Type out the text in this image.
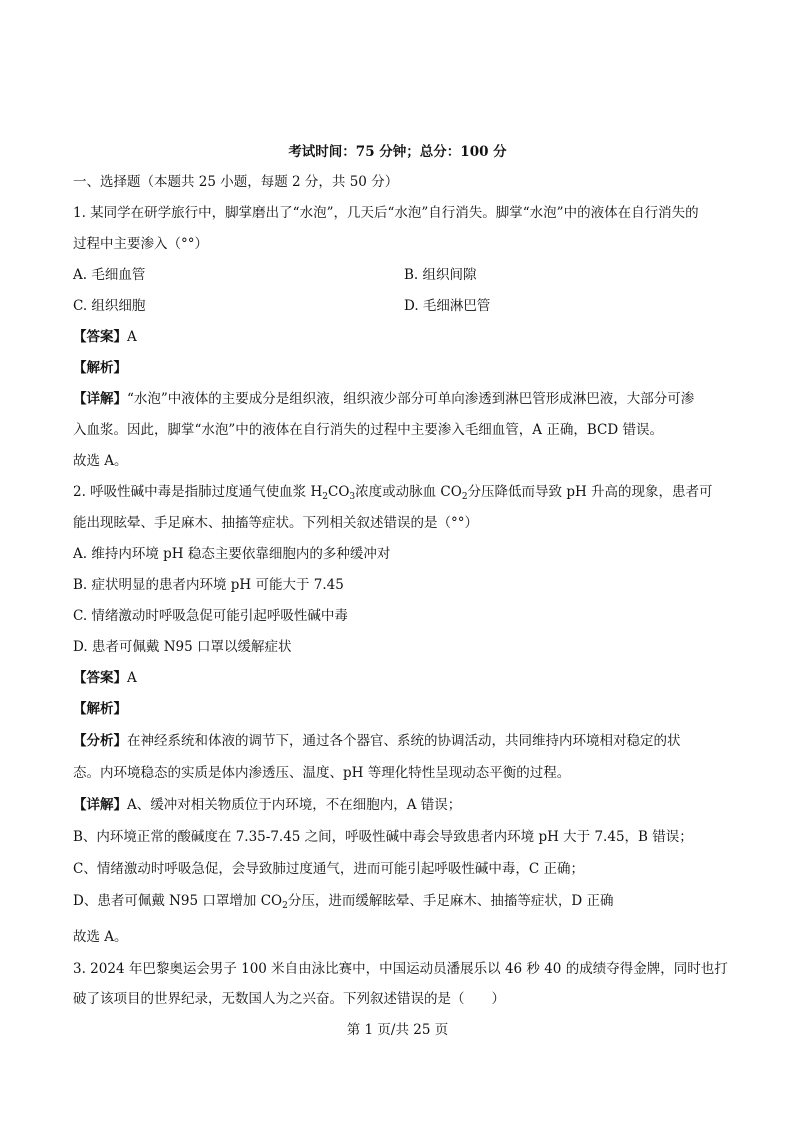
考试时间：75 分钟；总分：100 分
一、选择题（本题共 25 小题，每题 2 分，共 50 分）
1. 某同学在研学旅行中，脚掌磨出了“水泡”，几天后“水泡”自行消失。脚掌“水泡”中的液体在自行消失的
过程中主要渗入（°°）
A. 毛细血管	B. 组织间隙
C. 组织细胞	D. 毛细淋巴管
【答案】A
【解析】
【详解】“水泡”中液体的主要成分是组织液，组织液少部分可单向渗透到淋巴管形成淋巴液，大部分可渗
入血浆。因此，脚掌“水泡”中的液体在自行消失的过程中主要渗入毛细血管，A 正确，BCD 错误。
故选 A。
2. 呼吸性碱中毒是指肺过度通气使血浆 $H_2CO_3$浓度或动脉血 $CO_2$分压降低而导致 pH 升高的现象，患者可
能出现眩晕、手足麻木、抽搐等症状。下列相关叙述错误的是（°°）
A. 维持内环境 pH 稳态主要依靠细胞内的多种缓冲对
B. 症状明显的患者内环境 pH 可能大于 7.45
C. 情绪激动时呼吸急促可能引起呼吸性碱中毒
D. 患者可佩戴 N95 口罩以缓解症状
【答案】A
【解析】
【分析】在神经系统和体液的调节下，通过各个器官、系统的协调活动，共同维持内环境相对稳定的状
态。内环境稳态的实质是体内渗透压、温度、pH 等理化特性呈现动态平衡的过程。
【详解】A、缓冲对相关物质位于内环境，不在细胞内，A 错误；
B、内环境正常的酸碱度在 7.35-7.45 之间，呼吸性碱中毒会导致患者内环境 pH 大于 7.45，B 错误；
C、情绪激动时呼吸急促，会导致肺过度通气，进而可能引起呼吸性碱中毒，C 正确；
D、患者可佩戴 N95 口罩增加 $CO_2$分压，进而缓解眩晕、手足麻木、抽搐等症状，D 正确
故选 A。
3. 2024 年巴黎奥运会男子 100 米自由泳比赛中，中国运动员潘展乐以 46 秒 40 的成绩夺得金牌，同时也打
破了该项目的世界纪录，无数国人为之兴奋。下列叙述错误的是（　　）
第 1 页/共 25 页
